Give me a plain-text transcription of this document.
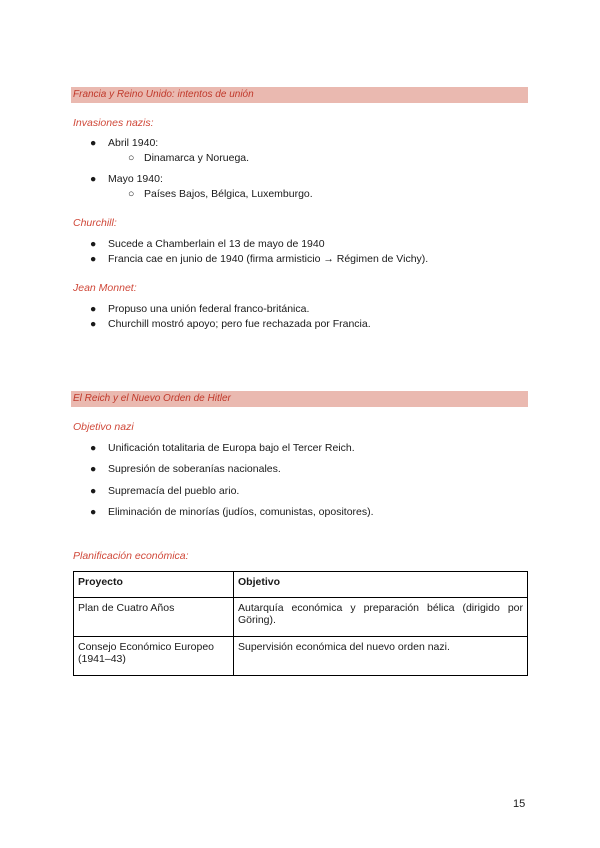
Francia y Reino Unido: intentos de unión
Invasiones nazis:
● Abril 1940:
○ Dinamarca y Noruega.
● Mayo 1940:
○ Países Bajos, Bélgica, Luxemburgo.
Churchill:
● Sucede a Chamberlain el 13 de mayo de 1940
● Francia cae en junio de 1940 (firma armisticio → Régimen de Vichy).
Jean Monnet:
● Propuso una unión federal franco-británica.
● Churchill mostró apoyo; pero fue rechazada por Francia.
El Reich y el Nuevo Orden de Hitler
Objetivo nazi
● Unificación totalitaria de Europa bajo el Tercer Reich.
● Supresión de soberanías nacionales.
● Supremacía del pueblo ario.
● Eliminación de minorías (judíos, comunistas, opositores).
Planificación económica:
Proyecto	Objetivo
Plan de Cuatro Años	Autarquía económica y preparación bélica (dirigido por Göring).
Consejo Económico Europeo (1941–43)	Supervisión económica del nuevo orden nazi.
15
